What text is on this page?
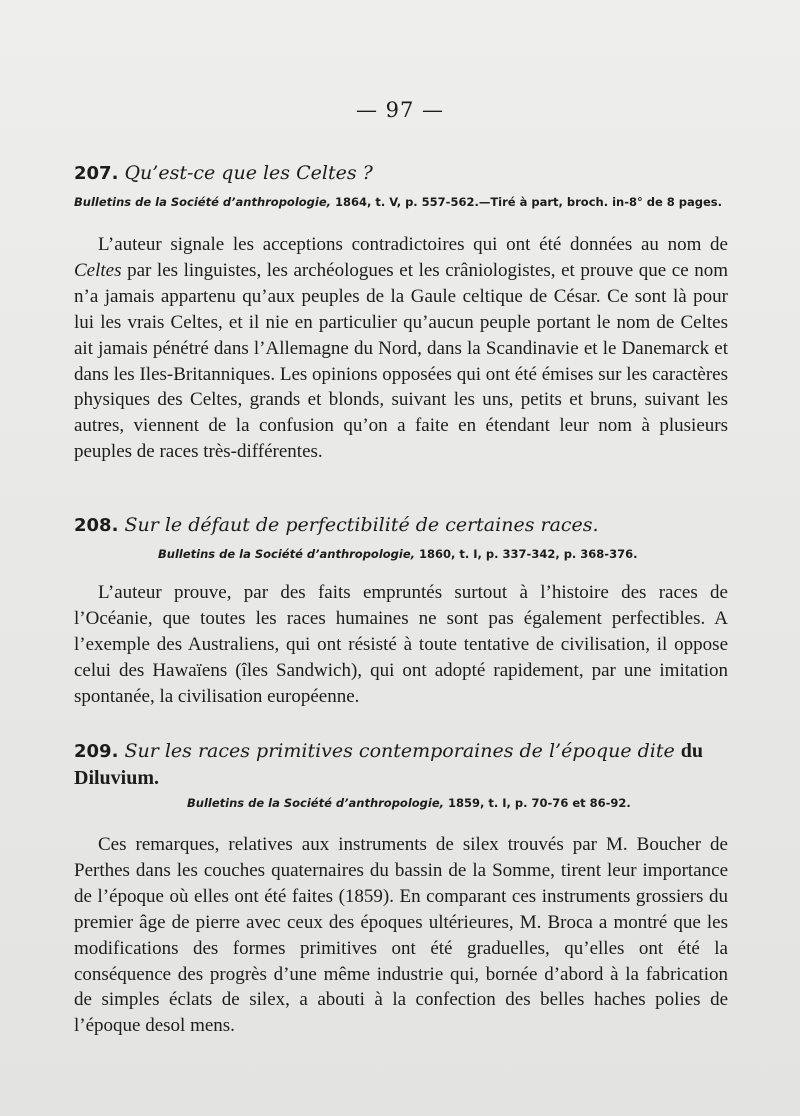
— 97 —
207. Qu’est-ce que les Celtes ?
Bulletins de la Société d’anthropologie, 1864, t. V, p. 557-562.—Tiré à part, broch. in-8° de 8 pages.

L’auteur signale les acceptions contradictoires qui ont été données au nom de Celtes par les linguistes, les archéologues et les crâniologistes, et prouve que ce nom n’a jamais appartenu qu’aux peuples de la Gaule celtique de César. Ce sont là pour lui les vrais Celtes, et il nie en particulier qu’aucun peuple portant le nom de Celtes ait jamais pénétré dans l’Allemagne du Nord, dans la Scandinavie et le Danemarck et dans les Iles-Britanniques. Les opinions opposées qui ont été émises sur les caractères physiques des Celtes, grands et blonds, suivant les uns, petits et bruns, suivant les autres, viennent de la confusion qu’on a faite en étendant leur nom à plusieurs peuples de races très-différentes.

208. Sur le défaut de perfectibilité de certaines races.
Bulletins de la Société d’anthropologie, 1860, t. I, p. 337-342, p. 368-376.

L’auteur prouve, par des faits empruntés surtout à l’histoire des races de l’Océanie, que toutes les races humaines ne sont pas également perfectibles. A l’exemple des Australiens, qui ont résisté à toute tentative de civilisation, il oppose celui des Hawaïens (îles Sandwich), qui ont adopté rapidement, par une imitation spontanée, la civilisation européenne.

209. Sur les races primitives contemporaines de l’époque dite du Diluvium.
Bulletins de la Société d’anthropologie, 1859, t. I, p. 70-76 et 86-92.

Ces remarques, relatives aux instruments de silex trouvés par M. Boucher de Perthes dans les couches quaternaires du bassin de la Somme, tirent leur importance de l’époque où elles ont été faites (1859). En comparant ces instruments grossiers du premier âge de pierre avec ceux des époques ultérieures, M. Broca a montré que les modifications des formes primitives ont été graduelles, qu’elles ont été la conséquence des progrès d’une même industrie qui, bornée d’abord à la fabrication de simples éclats de silex, a abouti à la confection des belles haches polies de l’époque desol mens.
